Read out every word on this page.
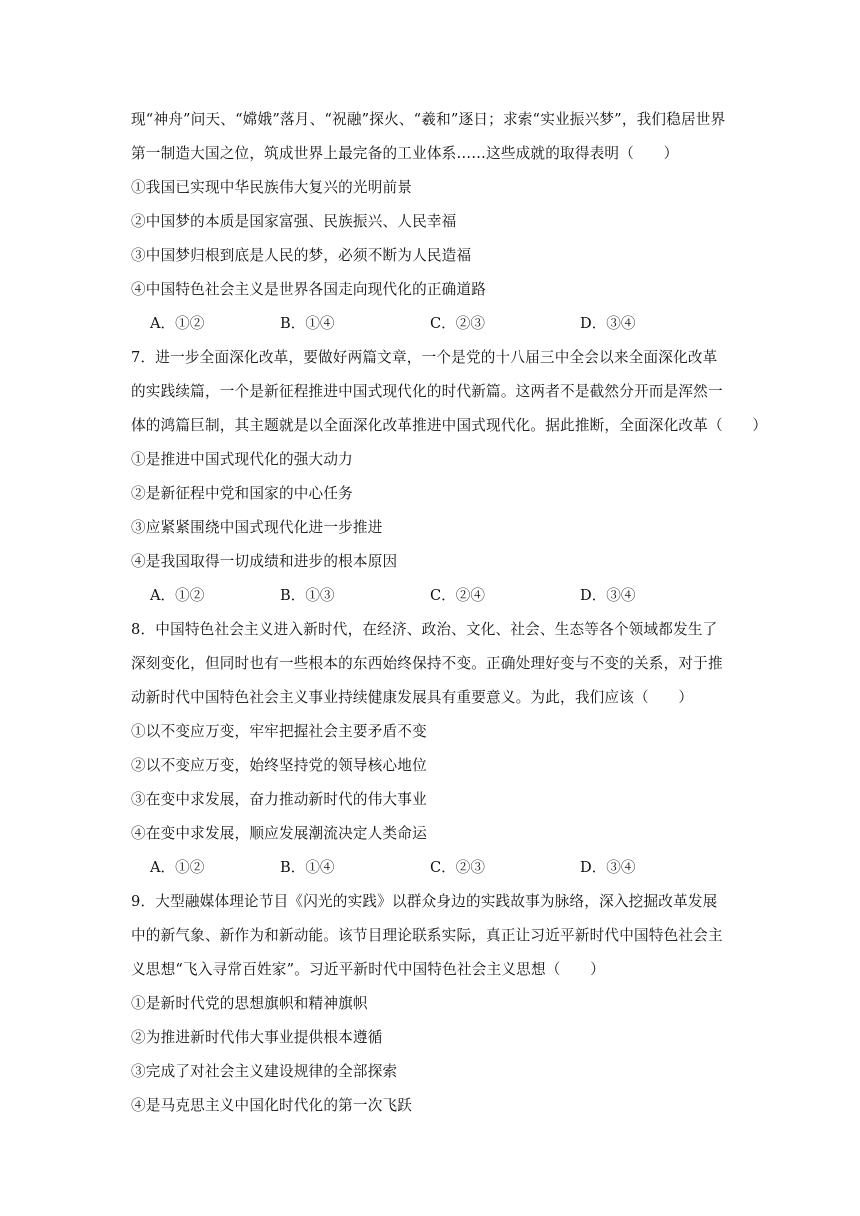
现“神舟”问天、“嫦娥”落月、“祝融”探火、“羲和”逐日；求索“实业振兴梦”，我们稳居世界
第一制造大国之位，筑成世界上最完备的工业体系……这些成就的取得表明（　　）
①我国已实现中华民族伟大复兴的光明前景
②中国梦的本质是国家富强、民族振兴、人民幸福
③中国梦归根到底是人民的梦，必须不断为人民造福
④中国特色社会主义是世界各国走向现代化的正确道路
A．①②	B．①④	C．②③	D．③④
7．进一步全面深化改革，要做好两篇文章，一个是党的十八届三中全会以来全面深化改革
的实践续篇，一个是新征程推进中国式现代化的时代新篇。这两者不是截然分开而是浑然一
体的鸿篇巨制，其主题就是以全面深化改革推进中国式现代化。据此推断，全面深化改革（　　）
①是推进中国式现代化的强大动力
②是新征程中党和国家的中心任务
③应紧紧围绕中国式现代化进一步推进
④是我国取得一切成绩和进步的根本原因
A．①②	B．①③	C．②④	D．③④
8．中国特色社会主义进入新时代，在经济、政治、文化、社会、生态等各个领域都发生了
深刻变化，但同时也有一些根本的东西始终保持不变。正确处理好变与不变的关系，对于推
动新时代中国特色社会主义事业持续健康发展具有重要意义。为此，我们应该（　　）
①以不变应万变，牢牢把握社会主要矛盾不变
②以不变应万变，始终坚持党的领导核心地位
③在变中求发展，奋力推动新时代的伟大事业
④在变中求发展，顺应发展潮流决定人类命运
A．①②	B．①④	C．②③	D．③④
9．大型融媒体理论节目《闪光的实践》以群众身边的实践故事为脉络，深入挖掘改革发展
中的新气象、新作为和新动能。该节目理论联系实际，真正让习近平新时代中国特色社会主
义思想“飞入寻常百姓家”。习近平新时代中国特色社会主义思想（　　）
①是新时代党的思想旗帜和精神旗帜
②为推进新时代伟大事业提供根本遵循
③完成了对社会主义建设规律的全部探索
④是马克思主义中国化时代化的第一次飞跃
